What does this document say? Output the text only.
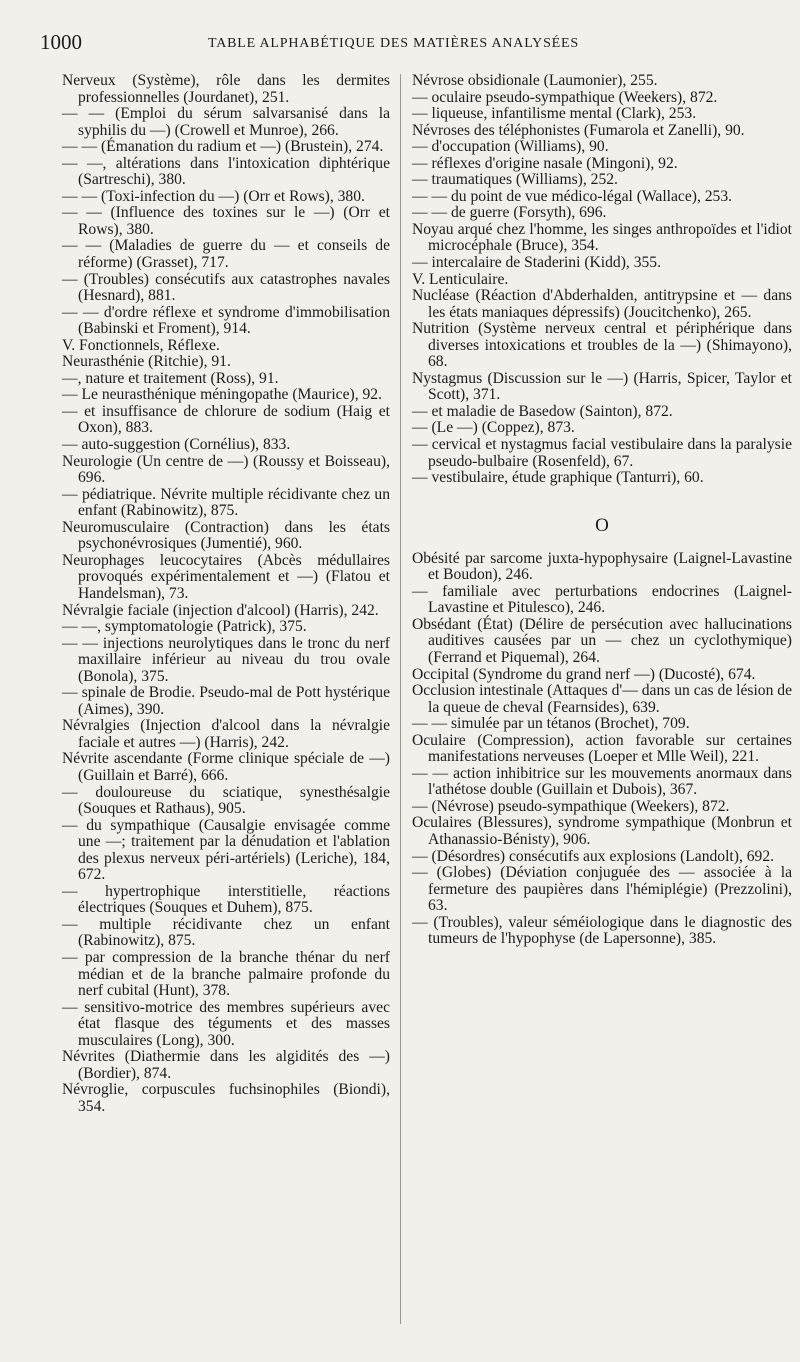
1000	TABLE ALPHABÉTIQUE DES MATIÈRES ANALYSÉES

Nerveux (Système), rôle dans les dermites professionnelles (Jourdanet), 251.

— — (Emploi du sérum salvarsanisé dans la syphilis du —) (Crowell et Munroe), 266.

— — (Émanation du radium et —) (Brustein), 274.

— —, altérations dans l'intoxication diphtérique (Sartreschi), 380.

— — (Toxi-infection du —) (Orr et Rows), 380.

— — (Influence des toxines sur le —) (Orr et Rows), 380.

— — (Maladies de guerre du — et conseils de réforme) (Grasset), 717.

— (Troubles) consécutifs aux catastrophes navales (Hesnard), 881.

— — d'ordre réflexe et syndrome d'immobilisation (Babinski et Froment), 914.

V. Fonctionnels, Réflexe.

Neurasthénie (Ritchie), 91.

—, nature et traitement (Ross), 91.

— Le neurasthénique méningopathe (Maurice), 92.

— et insuffisance de chlorure de sodium (Haig et Oxon), 883.

— auto-suggestion (Cornélius), 833.

Neurologie (Un centre de —) (Roussy et Boisseau), 696.

— pédiatrique. Névrite multiple récidivante chez un enfant (Rabinowitz), 875.

Neuromusculaire (Contraction) dans les états psychonévrosiques (Jumentié), 960.

Neurophages leucocytaires (Abcès médullaires provoqués expérimentalement et —) (Flatou et Handelsman), 73.

Névralgie faciale (injection d'alcool) (Harris), 242.

— —, symptomatologie (Patrick), 375.

— — injections neurolytiques dans le tronc du nerf maxillaire inférieur au niveau du trou ovale (Bonola), 375.

— spinale de Brodie. Pseudo-mal de Pott hystérique (Aimes), 390.

Névralgies (Injection d'alcool dans la névralgie faciale et autres —) (Harris), 242.

Névrite ascendante (Forme clinique spéciale de —) (Guillain et Barré), 666.

— douloureuse du sciatique, synesthésalgie (Souques et Rathaus), 905.

— du sympathique (Causalgie envisagée comme une —; traitement par la dénudation et l'ablation des plexus nerveux péri-artériels) (Leriche), 184, 672.

— hypertrophique interstitielle, réactions électriques (Souques et Duhem), 875.

— multiple récidivante chez un enfant (Rabinowitz), 875.

— par compression de la branche thénar du nerf médian et de la branche palmaire profonde du nerf cubital (Hunt), 378.

— sensitivo-motrice des membres supérieurs avec état flasque des téguments et des masses musculaires (Long), 300.

Névrites (Diathermie dans les algidités des —) (Bordier), 874.

Névroglie, corpuscules fuchsinophiles (Biondi), 354.

Névrose obsidionale (Laumonier), 255.

— oculaire pseudo-sympathique (Weekers), 872.

— liqueuse, infantilisme mental (Clark), 253.

Névroses des téléphonistes (Fumarola et Zanelli), 90.

— d'occupation (Williams), 90.

— réflexes d'origine nasale (Mingoni), 92.

— traumatiques (Williams), 252.

— — du point de vue médico-légal (Wallace), 253.

— — de guerre (Forsyth), 696.

Noyau arqué chez l'homme, les singes anthropoïdes et l'idiot microcéphale (Bruce), 354.

— intercalaire de Staderini (Kidd), 355.

V. Lenticulaire.

Nucléase (Réaction d'Abderhalden, antitrypsine et — dans les états maniaques dépressifs) (Joucitchenko), 265.

Nutrition (Système nerveux central et périphérique dans diverses intoxications et troubles de la —) (Shimayono), 68.

Nystagmus (Discussion sur le —) (Harris, Spicer, Taylor et Scott), 371.

— et maladie de Basedow (Sainton), 872.

— (Le —) (Coppez), 873.

— cervical et nystagmus facial vestibulaire dans la paralysie pseudo-bulbaire (Rosenfeld), 67.

— vestibulaire, étude graphique (Tanturri), 60.

O

Obésité par sarcome juxta-hypophysaire (Laignel-Lavastine et Boudon), 246.

— familiale avec perturbations endocrines (Laignel-Lavastine et Pitulesco), 246.

Obsédant (État) (Délire de persécution avec hallucinations auditives causées par un — chez un cyclothymique) (Ferrand et Piquemal), 264.

Occipital (Syndrome du grand nerf —) (Ducosté), 674.

Occlusion intestinale (Attaques d'— dans un cas de lésion de la queue de cheval (Fearnsides), 639.

— — simulée par un tétanos (Brochet), 709.

Oculaire (Compression), action favorable sur certaines manifestations nerveuses (Loeper et Mlle Weil), 221.

— — action inhibitrice sur les mouvements anormaux dans l'athétose double (Guillain et Dubois), 367.

— (Névrose) pseudo-sympathique (Weekers), 872.

Oculaires (Blessures), syndrome sympathique (Monbrun et Athanassio-Bénisty), 906.

— (Désordres) consécutifs aux explosions (Landolt), 692.

— (Globes) (Déviation conjuguée des — associée à la fermeture des paupières dans l'hémiplégie) (Prezzolini), 63.

— (Troubles), valeur séméiologique dans le diagnostic des tumeurs de l'hypophyse (de Lapersonne), 385.
